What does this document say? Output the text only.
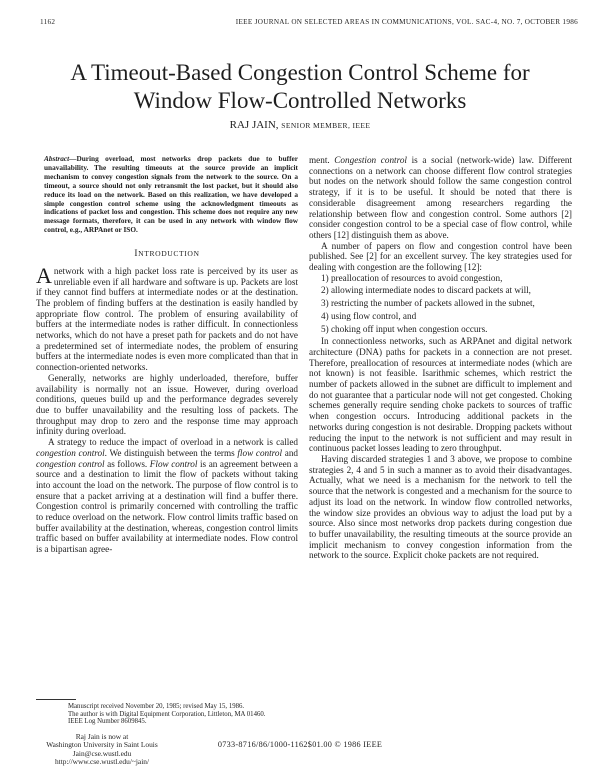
1162	IEEE JOURNAL ON SELECTED AREAS IN COMMUNICATIONS, VOL. SAC-4, NO. 7, OCTOBER 1986
A Timeout-Based Congestion Control Scheme for Window Flow-Controlled Networks
RAJ JAIN, SENIOR MEMBER, IEEE

Abstract—During overload, most networks drop packets due to buffer unavailability. The resulting timeouts at the source provide an implicit mechanism to convey congestion signals from the network to the source. On a timeout, a source should not only retransmit the lost packet, but it should also reduce its load on the network. Based on this realization, we have developed a simple congestion control scheme using the acknowledgment timeouts as indications of packet loss and congestion. This scheme does not require any new message formats, therefore, it can be used in any network with window flow control, e.g., ARPAnet or ISO.

INTRODUCTION

Anetwork with a high packet loss rate is perceived by its user as unreliable even if all hardware and software is up. Packets are lost if they cannot find buffers at intermediate nodes or at the destination. The problem of finding buffers at the destination is easily handled by appropriate flow control. The problem of ensuring availability of buffers at the intermediate nodes is rather difficult. In connectionless networks, which do not have a preset path for packets and do not have a predetermined set of intermediate nodes, the problem of ensuring buffers at the intermediate nodes is even more complicated than that in connection-oriented networks.

Generally, networks are highly underloaded, therefore, buffer availability is normally not an issue. However, during overload conditions, queues build up and the performance degrades severely due to buffer unavailability and the resulting loss of packets. The throughput may drop to zero and the response time may approach infinity during overload.

A strategy to reduce the impact of overload in a network is called congestion control. We distinguish between the terms flow control and congestion control as follows. Flow control is an agreement between a source and a destination to limit the flow of packets without taking into account the load on the network. The purpose of flow control is to ensure that a packet arriving at a destination will find a buffer there. Congestion control is primarily concerned with controlling the traffic to reduce overload on the network. Flow control limits traffic based on buffer availability at the destination, whereas, congestion control limits traffic based on buffer availability at intermediate nodes. Flow control is a bipartisan agree-

ment. Congestion control is a social (network-wide) law. Different connections on a network can choose different flow control strategies but nodes on the network should follow the same congestion control strategy, if it is to be useful. It should be noted that there is considerable disagreement among researchers regarding the relationship between flow and congestion control. Some authors [2] consider congestion control to be a special case of flow control, while others [12] distinguish them as above.

A number of papers on flow and congestion control have been published. See [2] for an excellent survey. The key strategies used for dealing with congestion are the following [12]:

1) preallocation of resources to avoid congestion,
2) allowing intermediate nodes to discard packets at will,
3) restricting the number of packets allowed in the subnet,
4) using flow control, and
5) choking off input when congestion occurs.

In connectionless networks, such as ARPAnet and digital network architecture (DNA) paths for packets in a connection are not preset. Therefore, preallocation of resources at intermediate nodes (which are not known) is not feasible. Isarithmic schemes, which restrict the number of packets allowed in the subnet are difficult to implement and do not guarantee that a particular node will not get congested. Choking schemes generally require sending choke packets to sources of traffic when congestion occurs. Introducing additional packets in the networks during congestion is not desirable. Dropping packets without reducing the input to the network is not sufficient and may result in continuous packet losses leading to zero throughput.

Having discarded strategies 1 and 3 above, we propose to combine strategies 2, 4 and 5 in such a manner as to avoid their disadvantages. Actually, what we need is a mechanism for the network to tell the source that the network is congested and a mechanism for the source to adjust its load on the network. In window flow controlled networks, the window size provides an obvious way to adjust the load put by a source. Also since most networks drop packets during congestion due to buffer unavailability, the resulting timeouts at the source provide an implicit mechanism to convey congestion information from the network to the source. Explicit choke packets are not required.

Manuscript received November 20, 1985; revised May 15, 1986.

The author is with Digital Equipment Corporation, Littleton, MA 01460.

IEEE Log Number 8609845.

Raj Jain is now at
Washington University in Saint Louis
Jain@cse.wustl.edu
http://www.cse.wustl.edu/~jain/
0733-8716/86/1000-1162$01.00 © 1986 IEEE
